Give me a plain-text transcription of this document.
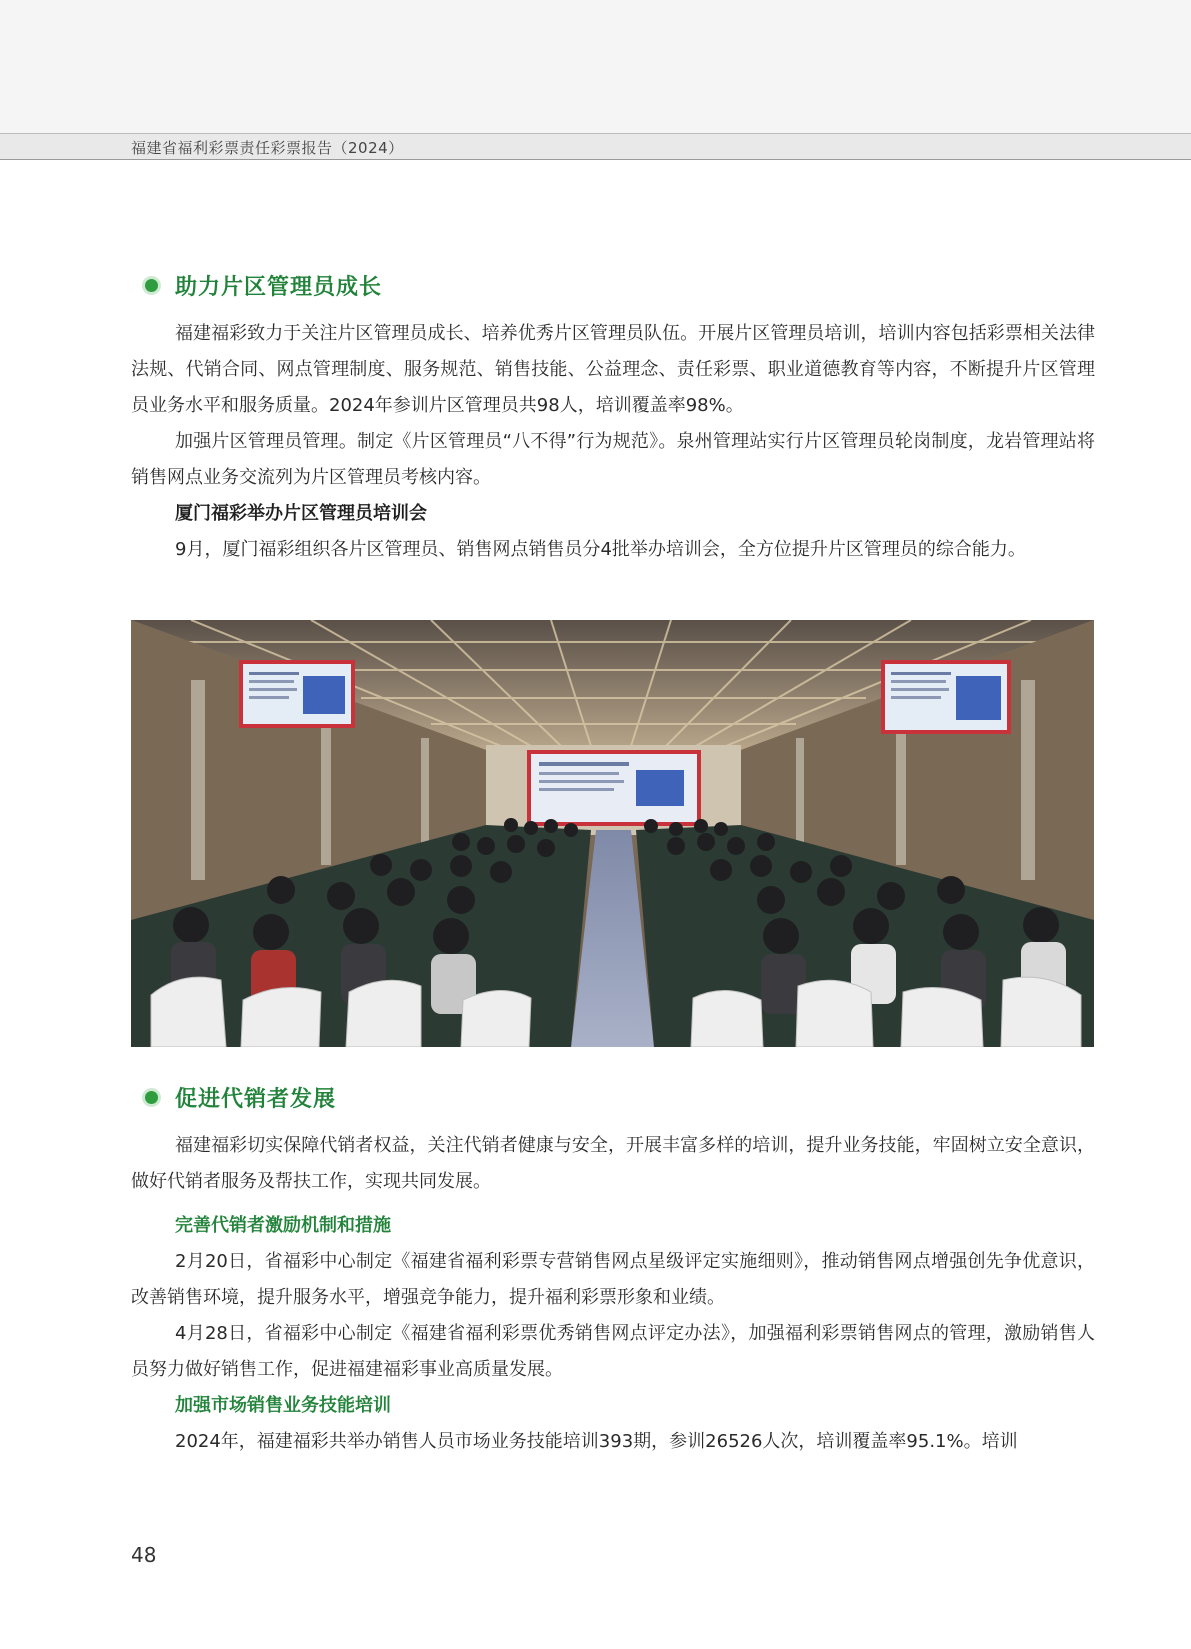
福建省福利彩票责任彩票报告（2024）
助力片区管理员成长

福建福彩致力于关注片区管理员成长、培养优秀片区管理员队伍。开展片区管理员培训，培训内容包括彩票相关法律法规、代销合同、网点管理制度、服务规范、销售技能、公益理念、责任彩票、职业道德教育等内容，不断提升片区管理员业务水平和服务质量。2024年参训片区管理员共98人，培训覆盖率98%。

加强片区管理员管理。制定《片区管理员“八不得”行为规范》。泉州管理站实行片区管理员轮岗制度，龙岩管理站将销售网点业务交流列为片区管理员考核内容。

厦门福彩举办片区管理员培训会

9月，厦门福彩组织各片区管理员、销售网点销售员分4批举办培训会，全方位提升片区管理员的综合能力。

促进代销者发展

福建福彩切实保障代销者权益，关注代销者健康与安全，开展丰富多样的培训，提升业务技能，牢固树立安全意识，做好代销者服务及帮扶工作，实现共同发展。

完善代销者激励机制和措施

2月20日，省福彩中心制定《福建省福利彩票专营销售网点星级评定实施细则》，推动销售网点增强创先争优意识，改善销售环境，提升服务水平，增强竞争能力，提升福利彩票形象和业绩。

4月28日，省福彩中心制定《福建省福利彩票优秀销售网点评定办法》，加强福利彩票销售网点的管理，激励销售人员努力做好销售工作，促进福建福彩事业高质量发展。

加强市场销售业务技能培训

2024年，福建福彩共举办销售人员市场业务技能培训393期，参训26526人次，培训覆盖率95.1%。培训

48
